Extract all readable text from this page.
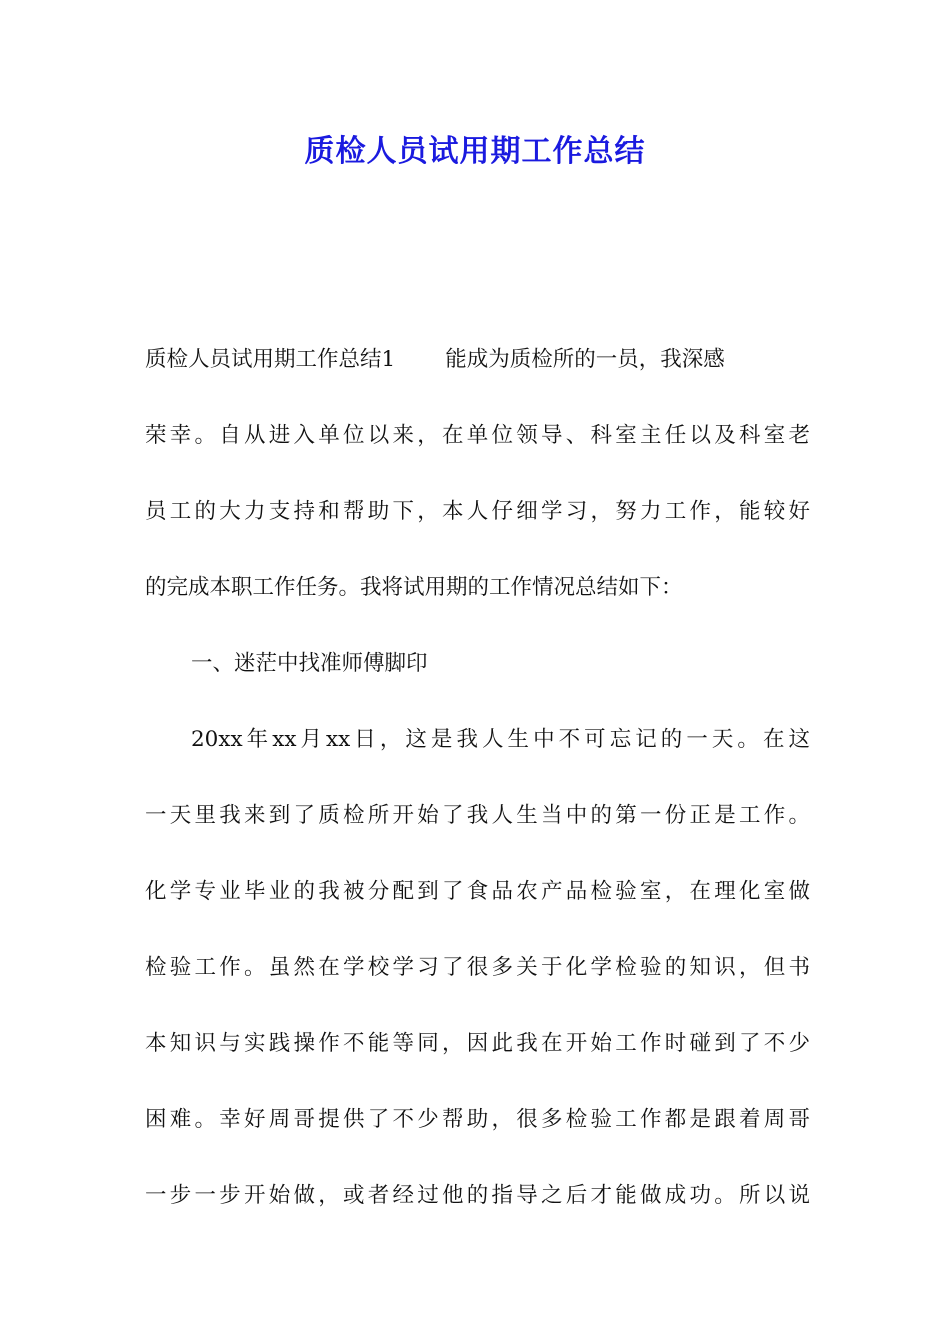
质检人员试用期工作总结
质检人员试用期工作总结1 能成为质检所的一员，我深感
荣幸。自从进入单位以来，在单位领导、科室主任以及科室老
员工的大力支持和帮助下，本人仔细学习，努力工作，能较好
的完成本职工作任务。我将试用期的工作情况总结如下：
一、迷茫中找准师傅脚印
20xx年xx月xx日，这是我人生中不可忘记的一天。在这
一天里我来到了质检所开始了我人生当中的第一份正是工作。
化学专业毕业的我被分配到了食品农产品检验室，在理化室做
检验工作。虽然在学校学习了很多关于化学检验的知识，但书
本知识与实践操作不能等同，因此我在开始工作时碰到了不少
困难。幸好周哥提供了不少帮助，很多检验工作都是跟着周哥
一步一步开始做，或者经过他的指导之后才能做成功。所以说
